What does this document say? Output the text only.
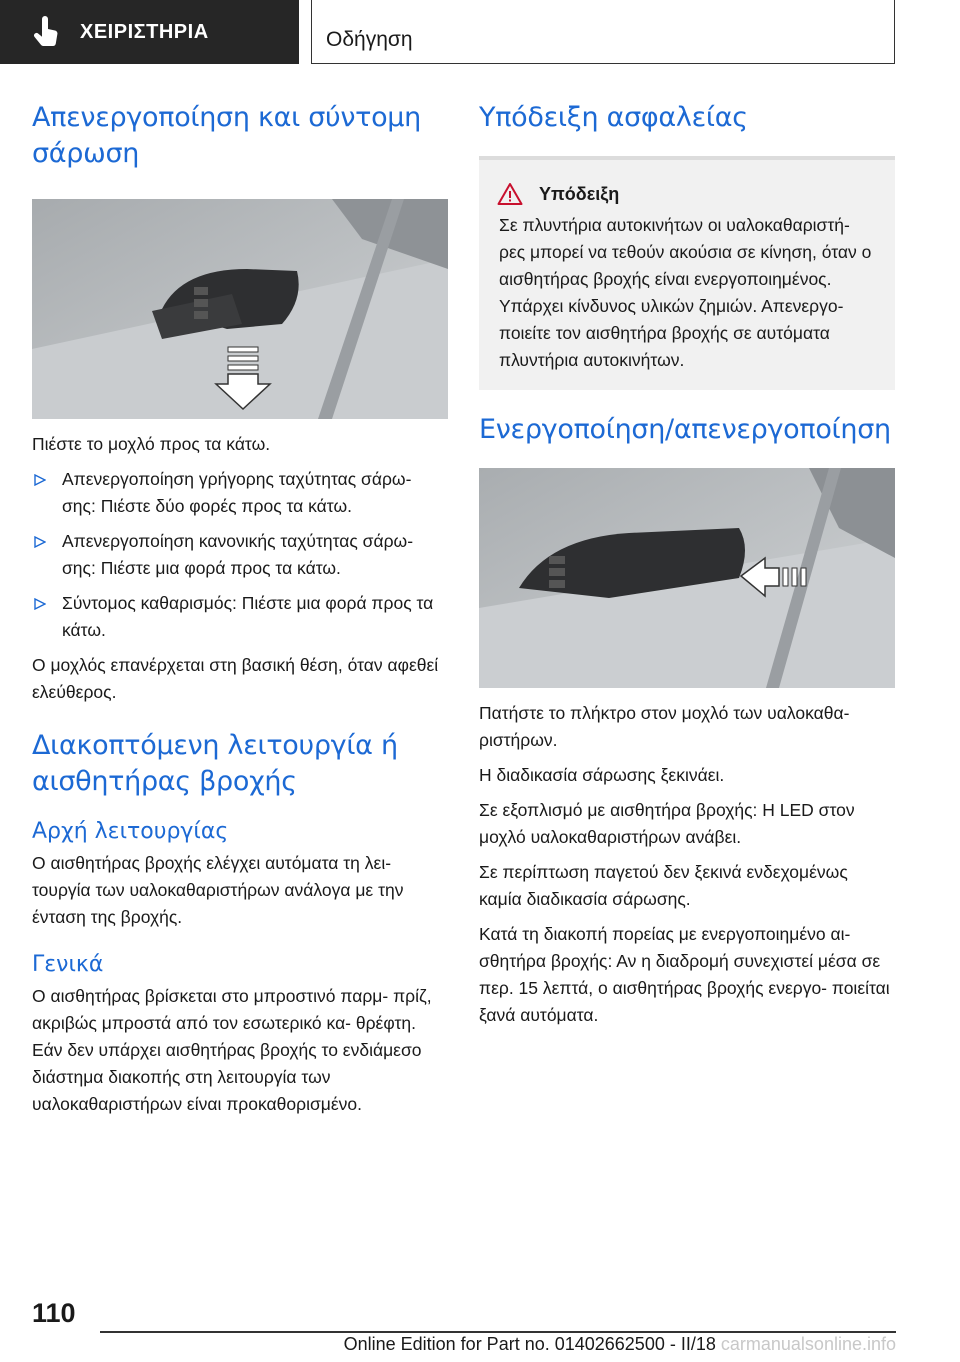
ΧΕΙΡΙΣΤΗΡΙΑ	Οδήγηση
Απενεργοποίηση και σύντομη σάρωση

Πιέστε το μοχλό προς τα κάτω.

Απενεργοποίηση γρήγορης ταχύτητας σάρω- σης: Πιέστε δύο φορές προς τα κάτω.
Απενεργοποίηση κανονικής ταχύτητας σάρω- σης: Πιέστε μια φορά προς τα κάτω.
Σύντομος καθαρισμός: Πιέστε μια φορά προς τα κάτω.

Ο μοχλός επανέρχεται στη βασική θέση, όταν αφεθεί ελεύθερος.

Διακοπτόμενη λειτουργία ή αισθητήρας βροχής
Αρχή λειτουργίας

Ο αισθητήρας βροχής ελέγχει αυτόματα τη λει- τουργία των υαλοκαθαριστήρων ανάλογα με την ένταση της βροχής.

Γενικά

Ο αισθητήρας βρίσκεται στο μπροστινό παρμ- πρίζ, ακριβώς μπροστά από τον εσωτερικό κα- θρέφτη. Εάν δεν υπάρχει αισθητήρας βροχής το ενδιάμεσο διάστημα διακοπής στη λειτουργία των υαλοκαθαριστήρων είναι προκαθορισμένο.

Υπόδειξη ασφαλείας
Υπόδειξη

Σε πλυντήρια αυτοκινήτων οι υαλοκαθαριστή- ρες μπορεί να τεθούν ακούσια σε κίνηση, όταν ο αισθητήρας βροχής είναι ενεργοποιημένος. Υπάρχει κίνδυνος υλικών ζημιών. Απενεργο- ποιείτε τον αισθητήρα βροχής σε αυτόματα πλυντήρια αυτοκινήτων.

Ενεργοποίηση/απενεργοποίηση

Πατήστε το πλήκτρο στον μοχλό των υαλοκαθα- ριστήρων.

Η διαδικασία σάρωσης ξεκινάει.

Σε εξοπλισμό με αισθητήρα βροχής: Η LED στον μοχλό υαλοκαθαριστήρων ανάβει.

Σε περίπτωση παγετού δεν ξεκινά ενδεχομένως καμία διαδικασία σάρωσης.

Κατά τη διακοπή πορείας με ενεργοποιημένο αι- σθητήρα βροχής: Αν η διαδρομή συνεχιστεί μέσα σε περ. 15 λεπτά, ο αισθητήρας βροχής ενεργο- ποιείται ξανά αυτόματα.

110
Online Edition for Part no. 01402662500 - II/18 carmanualsonline.info
